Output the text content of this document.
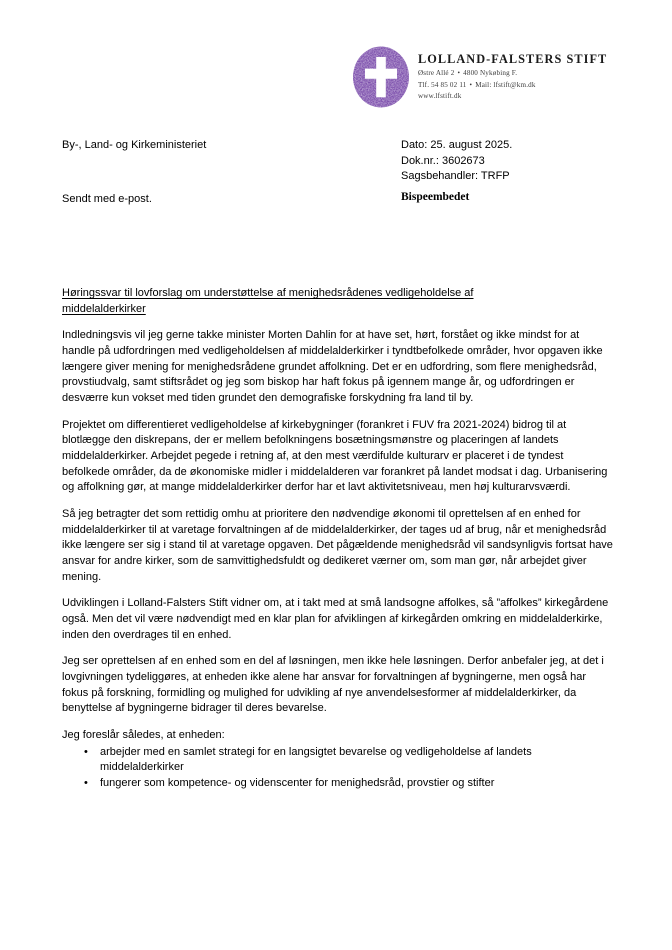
LOLLAND-FALSTERS STIFT
Østre Allé 2 • 4800 Nykøbing F.
Tlf. 54 85 02 11 • Mail: lfstift@km.dk
www.lfstift.dk
By-, Land- og Kirkeministeriet
Sendt med e-post.
Dato: 25. august 2025.
Dok.nr.: 3602673
Sagsbehandler: TRFP
Bispeembedet
Høringssvar til lovforslag om understøttelse af menighedsrådenes vedligeholdelse af middelalderkirker

Indledningsvis vil jeg gerne takke minister Morten Dahlin for at have set, hørt, forstået og ikke mindst for at handle på udfordringen med vedligeholdelsen af middelalderkirker i tyndtbefolkede områder, hvor opgaven ikke længere giver mening for menighedsrådene grundet affolkning. Det er en udfordring, som flere menighedsråd, provstiudvalg, samt stiftsrådet og jeg som biskop har haft fokus på igennem mange år, og udfordringen er desværre kun vokset med tiden grundet den demografiske forskydning fra land til by.

Projektet om differentieret vedligeholdelse af kirkebygninger (forankret i FUV fra 2021-2024) bidrog til at blotlægge den diskrepans, der er mellem befolkningens bosætningsmønstre og placeringen af landets middelalderkirker. Arbejdet pegede i retning af, at den mest værdifulde kulturarv er placeret i de tyndest befolkede områder, da de økonomiske midler i middelalderen var forankret på landet modsat i dag. Urbanisering og affolkning gør, at mange middelalderkirker derfor har et lavt aktivitetsniveau, men høj kulturarvsværdi.

Så jeg betragter det som rettidig omhu at prioritere den nødvendige økonomi til oprettelsen af en enhed for middelalderkirker til at varetage forvaltningen af de middelalderkirker, der tages ud af brug, når et menighedsråd ikke længere ser sig i stand til at varetage opgaven. Det pågældende menighedsråd vil sandsynligvis fortsat have ansvar for andre kirker, som de samvittighedsfuldt og dedikeret værner om, som man gør, når arbejdet giver mening.

Udviklingen i Lolland-Falsters Stift vidner om, at i takt med at små landsogne affolkes, så ”affolkes” kirkegårdene også. Men det vil være nødvendigt med en klar plan for afviklingen af kirkegården omkring en middelalderkirke, inden den overdrages til en enhed.

Jeg ser oprettelsen af en enhed som en del af løsningen, men ikke hele løsningen. Derfor anbefaler jeg, at det i lovgivningen tydeliggøres, at enheden ikke alene har ansvar for forvaltningen af bygningerne, men også har fokus på forskning, formidling og mulighed for udvikling af nye anvendelsesformer af middelalderkirker, da benyttelse af bygningerne bidrager til deres bevarelse.

Jeg foreslår således, at enheden:

• arbejder med en samlet strategi for en langsigtet bevarelse og vedligeholdelse af landets middelalderkirker
• fungerer som kompetence- og videnscenter for menighedsråd, provstier og stifter
